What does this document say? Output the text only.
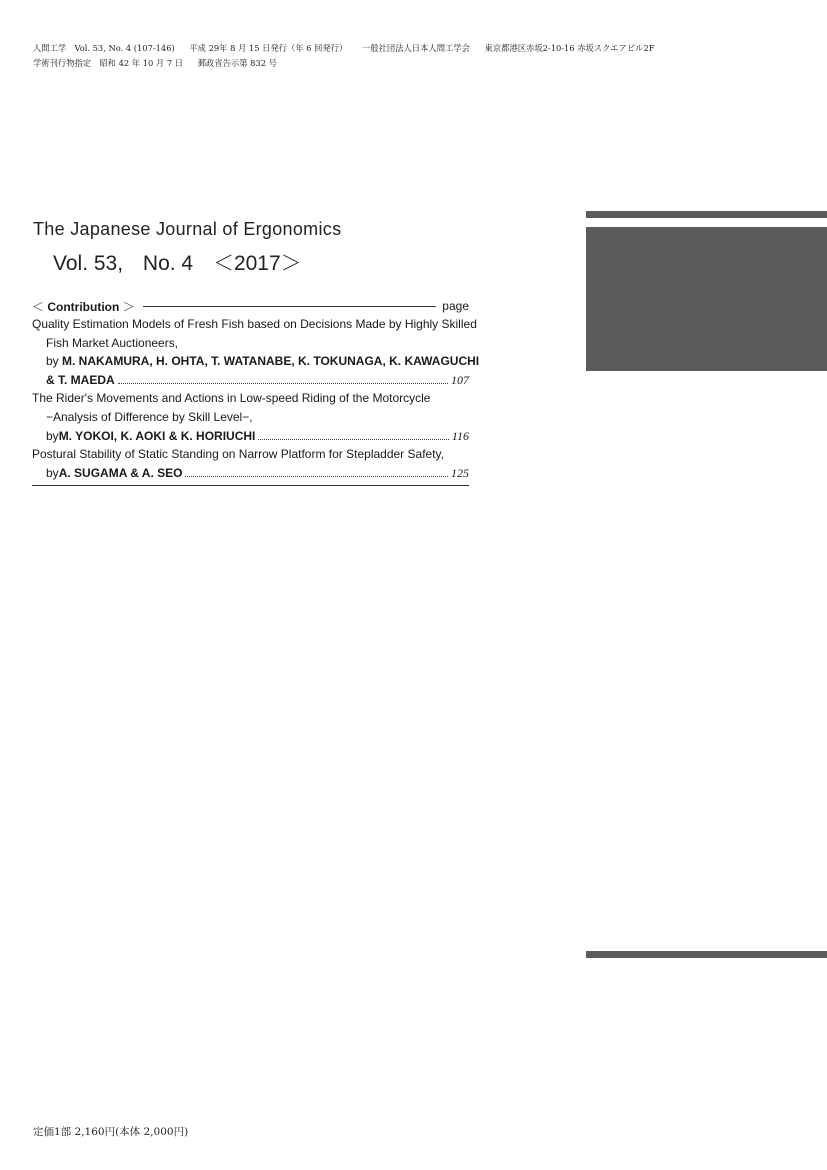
人間工学　Vol. 53, No. 4 (107-146) 平成 29年 8 月 15 日発行（年 6 回発行） 一般社団法人日本人間工学会 東京都港区赤坂2-10-16 赤坂スクエアビル2F
学術刊行物指定　昭和 42 年 10 月 7 日 郵政省告示第 832 号
The Japanese Journal of Ergonomics
Vol. 53, No. 4 ＜2017＞
＜ Contribution ＞	page
Quality Estimation Models of Fresh Fish based on Decisions Made by Highly Skilled
Fish Market Auctioneers,
by M. NAKAMURA, H. OHTA, T. WATANABE, K. TOKUNAGA, K. KAWAGUCHI
& T. MAEDA	107
The Rider's Movements and Actions in Low-speed Riding of the Motorcycle
−Analysis of Difference by Skill Level−,
by M. YOKOI, K. AOKI & K. HORIUCHI	116
Postural Stability of Static Standing on Narrow Platform for Stepladder Safety,
by A. SUGAMA & A. SEO	125
定価1部 2,160円(本体 2,000円)
